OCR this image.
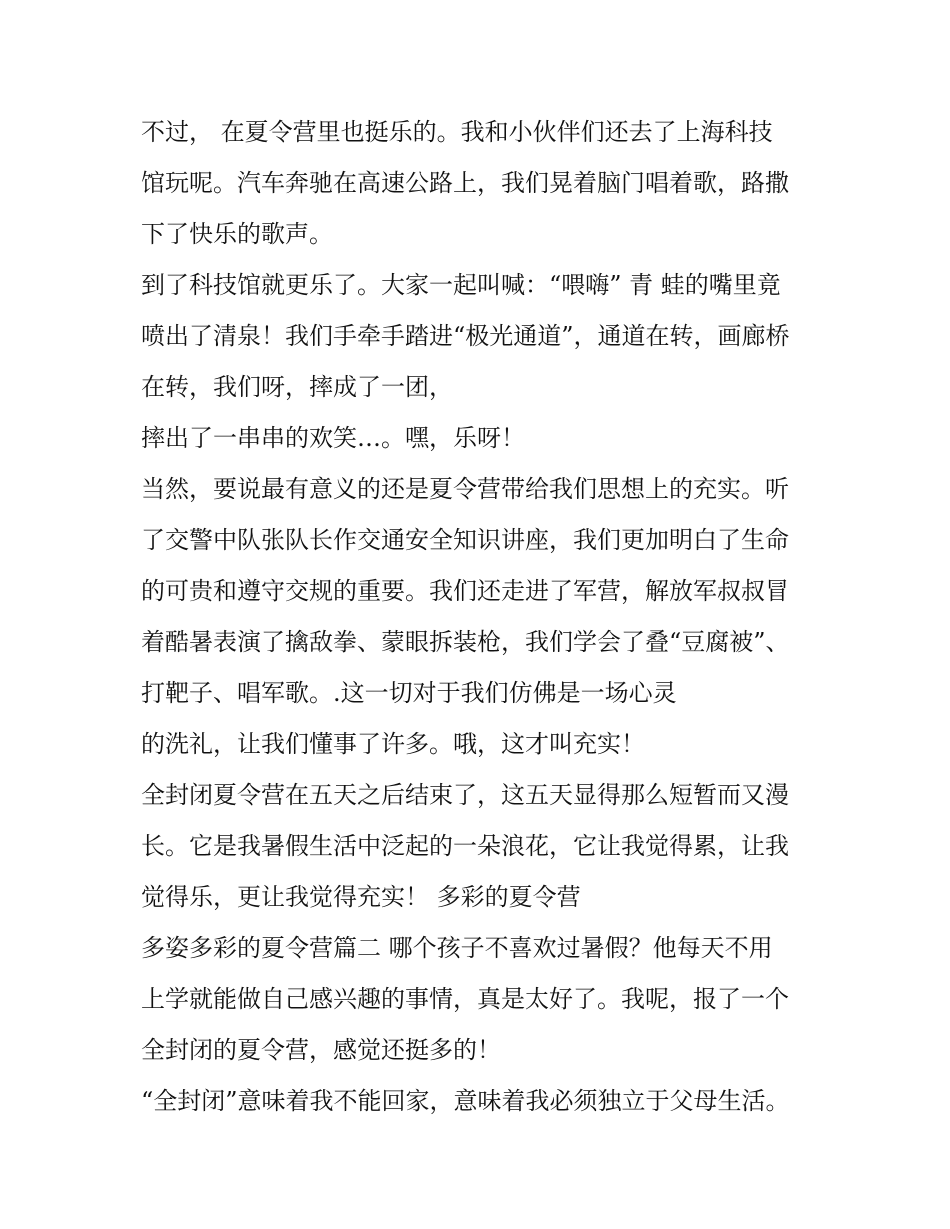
不过， 在夏令营里也挺乐的。我和小伙伴们还去了上海科技
馆玩呢。汽车奔驰在高速公路上，我们晃着脑门唱着歌，路撒
下了快乐的歌声。
到了科技馆就更乐了。大家一起叫喊：“喂嗨” 青 蛙的嘴里竟
喷出了清泉！我们手牵手踏进“极光通道”，通道在转，画廊桥
在转，我们呀，摔成了一团，
摔出了一串串的欢笑…。嘿，乐呀！
当然，要说最有意义的还是夏令营带给我们思想上的充实。听
了交警中队张队长作交通安全知识讲座，我们更加明白了生命
的可贵和遵守交规的重要。我们还走进了军营，解放军叔叔冒
着酷暑表演了擒敌拳、蒙眼拆装枪，我们学会了叠“豆腐被”、
打靶子、唱军歌。.这一切对于我们仿佛是一场心灵
的洗礼，让我们懂事了许多。哦，这才叫充实！
全封闭夏令营在五天之后结束了，这五天显得那么短暂而又漫
长。它是我暑假生活中泛起的一朵浪花，它让我觉得累，让我
觉得乐，更让我觉得充实！ 多彩的夏令营
多姿多彩的夏令营篇二 哪个孩子不喜欢过暑假？他每天不用
上学就能做自己感兴趣的事情，真是太好了。我呢，报了一个
全封闭的夏令营，感觉还挺多的！
“全封闭”意味着我不能回家，意味着我必须独立于父母生活。
